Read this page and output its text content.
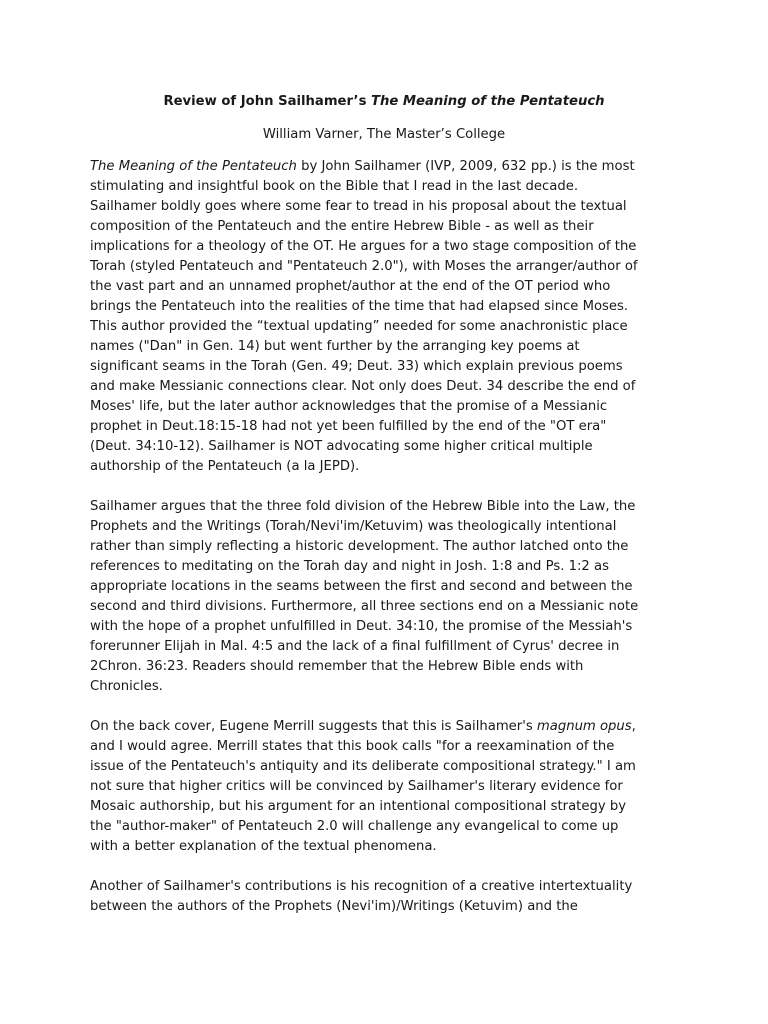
Review of John Sailhamer’s The Meaning of the Pentateuch
William Varner, The Master’s College
The Meaning of the Pentateuch by John Sailhamer (IVP, 2009, 632 pp.) is the most
stimulating and insightful book on the Bible that I read in the last decade.
Sailhamer boldly goes where some fear to tread in his proposal about the textual
composition of the Pentateuch and the entire Hebrew Bible - as well as their
implications for a theology of the OT. He argues for a two stage composition of the
Torah (styled Pentateuch and "Pentateuch 2.0"), with Moses the arranger/author of
the vast part and an unnamed prophet/author at the end of the OT period who
brings the Pentateuch into the realities of the time that had elapsed since Moses.
This author provided the “textual updating” needed for some anachronistic place
names ("Dan" in Gen. 14) but went further by the arranging key poems at
significant seams in the Torah (Gen. 49; Deut. 33) which explain previous poems
and make Messianic connections clear. Not only does Deut. 34 describe the end of
Moses' life, but the later author acknowledges that the promise of a Messianic
prophet in Deut.18:15-18 had not yet been fulfilled by the end of the "OT era"
(Deut. 34:10-12). Sailhamer is NOT advocating some higher critical multiple
authorship of the Pentateuch (a la JEPD).
Sailhamer argues that the three fold division of the Hebrew Bible into the Law, the
Prophets and the Writings (Torah/Nevi'im/Ketuvim) was theologically intentional
rather than simply reflecting a historic development. The author latched onto the
references to meditating on the Torah day and night in Josh. 1:8 and Ps. 1:2 as
appropriate locations in the seams between the first and second and between the
second and third divisions. Furthermore, all three sections end on a Messianic note
with the hope of a prophet unfulfilled in Deut. 34:10, the promise of the Messiah's
forerunner Elijah in Mal. 4:5 and the lack of a final fulfillment of Cyrus' decree in
2Chron. 36:23. Readers should remember that the Hebrew Bible ends with
Chronicles.
On the back cover, Eugene Merrill suggests that this is Sailhamer's magnum opus,
and I would agree. Merrill states that this book calls "for a reexamination of the
issue of the Pentateuch's antiquity and its deliberate compositional strategy." I am
not sure that higher critics will be convinced by Sailhamer's literary evidence for
Mosaic authorship, but his argument for an intentional compositional strategy by
the "author-maker" of Pentateuch 2.0 will challenge any evangelical to come up
with a better explanation of the textual phenomena.
Another of Sailhamer's contributions is his recognition of a creative intertextuality
between the authors of the Prophets (Nevi'im)/Writings (Ketuvim) and the
